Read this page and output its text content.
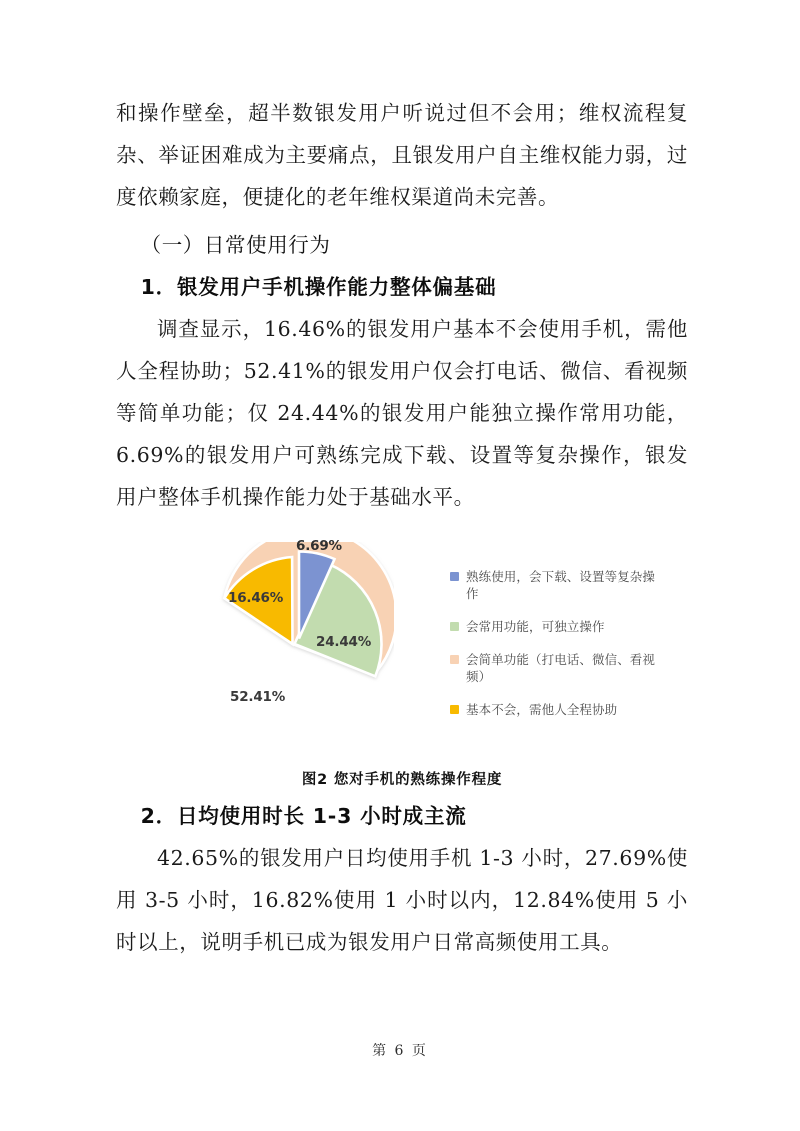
和操作壁垒，超半数银发用户听说过但不会用；维权流程复杂、举证困难成为主要痛点，且银发用户自主维权能力弱，过度依赖家庭，便捷化的老年维权渠道尚未完善。

（一）日常使用行为

1．银发用户手机操作能力整体偏基础

调查显示，16.46%的银发用户基本不会使用手机，需他人全程协助；52.41%的银发用户仅会打电话、微信、看视频等简单功能；仅 24.44%的银发用户能独立操作常用功能，6.69%的银发用户可熟练完成下载、设置等复杂操作，银发用户整体手机操作能力处于基础水平。

6.69%
24.44%
52.41%
16.46%
熟练使用，会下载、设置等复杂操作
会常用功能，可独立操作
会简单功能（打电话、微信、看视频）
基本不会，需他人全程协助
图2 您对手机的熟练操作程度

2．日均使用时长 1-3 小时成主流

42.65%的银发用户日均使用手机 1-3 小时，27.69%使用 3-5 小时，16.82%使用 1 小时以内，12.84%使用 5 小时以上，说明手机已成为银发用户日常高频使用工具。

第 6 页
